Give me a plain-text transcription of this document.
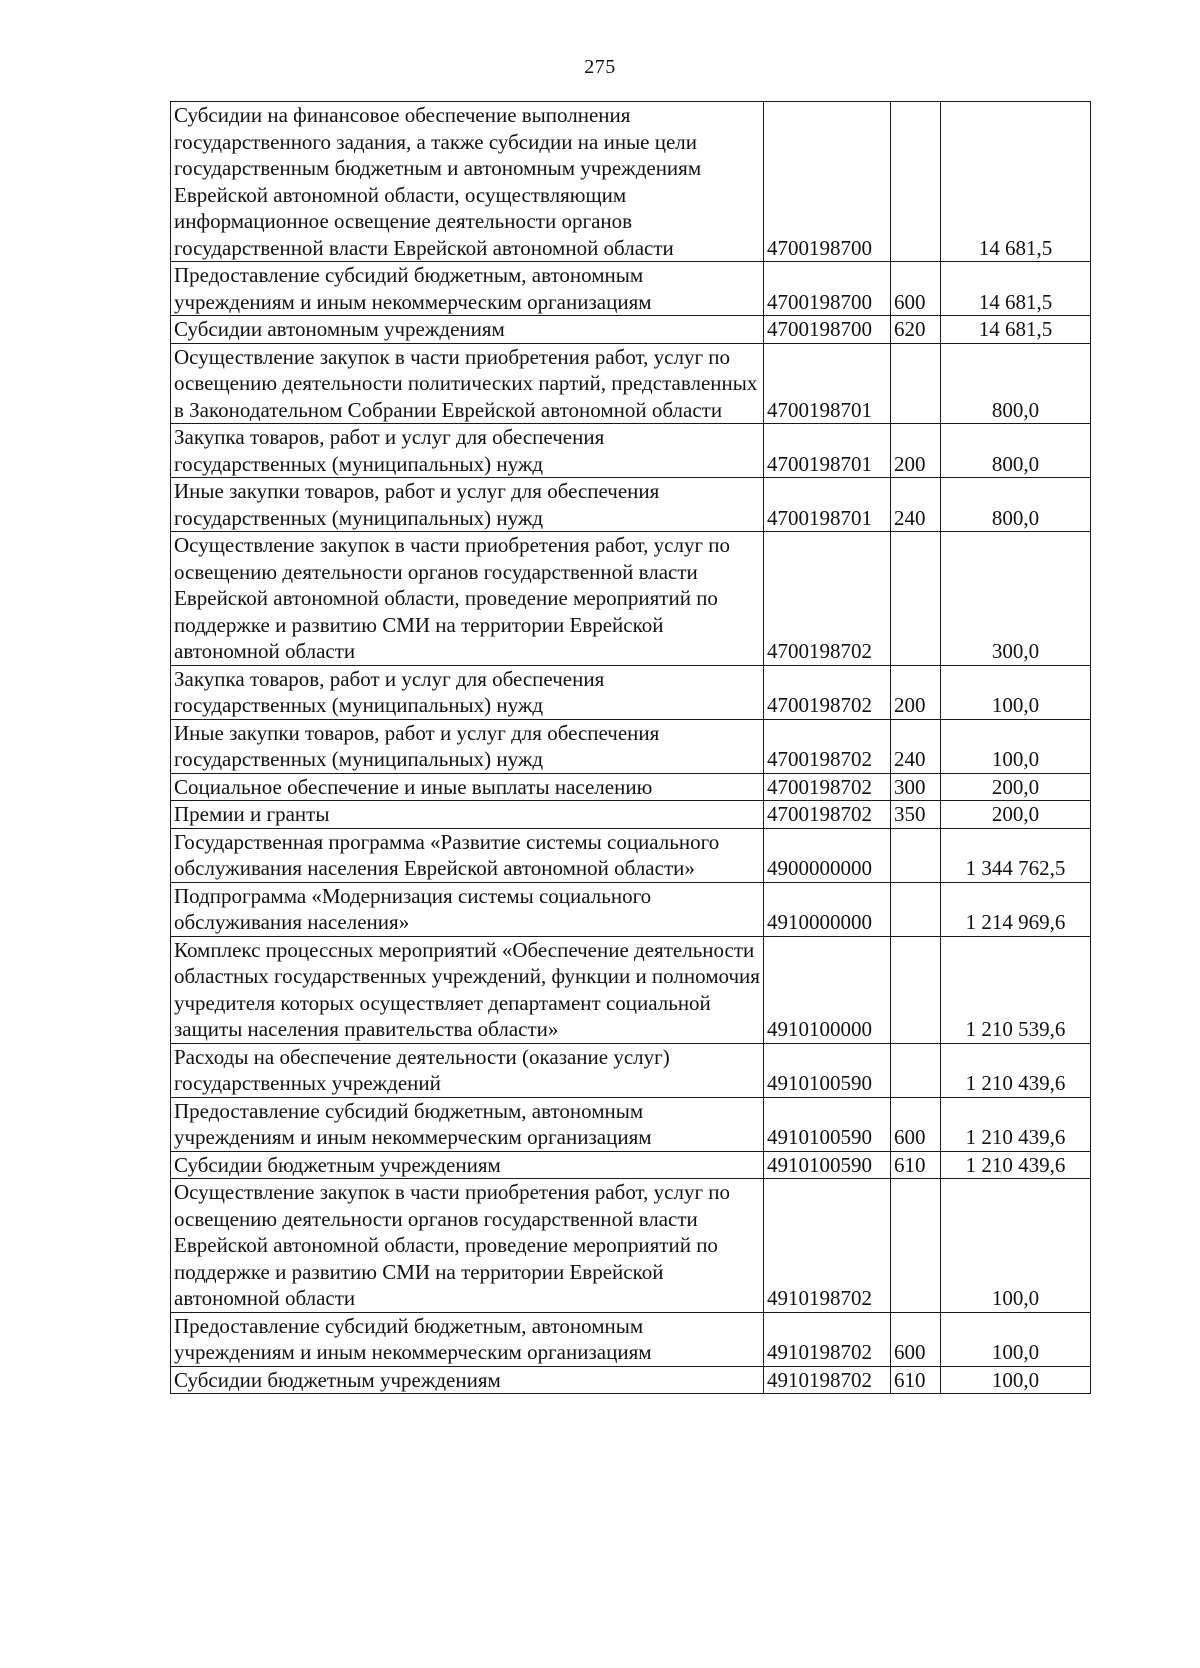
275
Субсидии на финансовое обеспечение выполнения государственного задания, а также субсидии на иные цели государственным бюджетным и автономным учреждениям Еврейской автономной области, осуществляющим информационное освещение деятельности органов государственной власти Еврейской автономной области	4700198700		14 681,5
Предоставление субсидий бюджетным, автономным учреждениям и иным некоммерческим организациям	4700198700	600	14 681,5
Субсидии автономным учреждениям	4700198700	620	14 681,5
Осуществление закупок в части приобретения работ, услуг по освещению деятельности политических партий, представленных в Законодательном Собрании Еврейской автономной области	4700198701		800,0
Закупка товаров, работ и услуг для обеспечения государственных (муниципальных) нужд	4700198701	200	800,0
Иные закупки товаров, работ и услуг для обеспечения государственных (муниципальных) нужд	4700198701	240	800,0
Осуществление закупок в части приобретения работ, услуг по освещению деятельности органов государственной власти Еврейской автономной области, проведение мероприятий по поддержке и развитию СМИ на территории Еврейской автономной области	4700198702		300,0
Закупка товаров, работ и услуг для обеспечения государственных (муниципальных) нужд	4700198702	200	100,0
Иные закупки товаров, работ и услуг для обеспечения государственных (муниципальных) нужд	4700198702	240	100,0
Социальное обеспечение и иные выплаты населению	4700198702	300	200,0
Премии и гранты	4700198702	350	200,0
Государственная программа «Развитие системы социального обслуживания населения Еврейской автономной области»	4900000000		1 344 762,5
Подпрограмма «Модернизация системы социального обслуживания населения»	4910000000		1 214 969,6
Комплекс процессных мероприятий «Обеспечение деятельности областных государственных учреждений, функции и полномочия учредителя которых осуществляет департамент социальной защиты населения правительства области»	4910100000		1 210 539,6
Расходы на обеспечение деятельности (оказание услуг) государственных учреждений	4910100590		1 210 439,6
Предоставление субсидий бюджетным, автономным учреждениям и иным некоммерческим организациям	4910100590	600	1 210 439,6
Субсидии бюджетным учреждениям	4910100590	610	1 210 439,6
Осуществление закупок в части приобретения работ, услуг по освещению деятельности органов государственной власти Еврейской автономной области, проведение мероприятий по поддержке и развитию СМИ на территории Еврейской автономной области	4910198702		100,0
Предоставление субсидий бюджетным, автономным учреждениям и иным некоммерческим организациям	4910198702	600	100,0
Субсидии бюджетным учреждениям	4910198702	610	100,0
